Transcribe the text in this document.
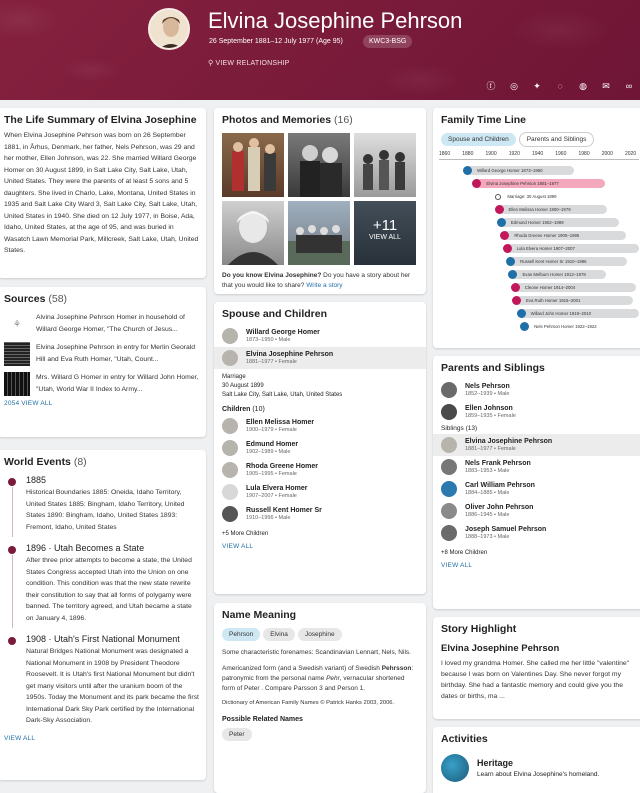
Elvina Josephine Pehrson
26 September 1881–12 July 1977 (Age 95)	KWC3-BSG
⚲ VIEW RELATIONSHIP
ⓕ	◎	✦	◌	◍	✉	∞
The Life Summary of Elvina Josephine

When Elvina Josephine Pehrson was born on 26 September 1881, in Århus, Denmark, her father, Nels Pehrson, was 29 and her mother, Ellen Johnson, was 22. She married Willard George Homer on 30 August 1899, in Salt Lake City, Salt Lake, Utah, United States. They were the parents of at least 5 sons and 5 daughters. She lived in Charlo, Lake, Montana, United States in 1935 and Salt Lake City Ward 3, Salt Lake City, Salt Lake, Utah, United States in 1940. She died on 12 July 1977, in Boise, Ada, Idaho, United States, at the age of 95, and was buried in Wasatch Lawn Memorial Park, Millcreek, Salt Lake, Utah, United States.

Sources (58)
⚘
Alvina Josephine Pehrson Homer in household of Willard George Homer, "The Church of Jesus...
Elvina Josephine Pehrson in entry for Merlin Georald Hill and Eva Ruth Homer, "Utah, Count...
Mrs. Willard G Homer in entry for Willard John Homer, "Utah, World War II Index to Army...
2054 VIEW ALL
World Events (8)
1885

Historical Boundaries 1885: Oneida, Idaho Territory, United States 1885: Bingham, Idaho Territory, United States 1890: Bingham, Idaho, United States 1893: Fremont, Idaho, United States

1896 · Utah Becomes a State

After three prior attempts to become a state, the United States Congress accepted Utah into the Union on one condition. This condition was that the new state rewrite their constitution to say that all forms of polygamy were banned. The territory agreed, and Utah became a state on January 4, 1896.

1908 · Utah's First National Monument

Natural Bridges National Monument was designated a National Monument in 1908 by President Theodore Roosevelt. It is Utah's first National Monument but didn't get many visitors until after the uranium boom of the 1950s. Today the Monument and its park became the first International Dark Sky Park certified by the International Dark-Sky Association.

VIEW ALL
Photos and Memories (16)
+11
VIEW ALL

Do you know Elvina Josephine? Do you have a story about her that you would like to share? Write a story

Spouse and Children
Willard George Homer
1873–1950 • Male
Elvina Josephine Pehrson
1881–1977 • Female
Marriage
30 August 1899
Salt Lake City, Salt Lake, Utah, United States
Children (10)
Ellen Melissa Homer
1900–1979 • Female
Edmund Homer
1902–1989 • Male
Rhoda Greene Homer
1905–1995 • Female
Lula Elvera Homer
1907–2007 • Female
Russell Kent Homer Sr
1910–1996 • Male
+5 More Children
VIEW ALL
Name Meaning
Pehrson	Elvina	Josephine

Some characteristic forenames: Scandinavian Lennart, Nels, Nils.

Americanized form (and a Swedish variant) of Swedish Pehrsson: patronymic from the personal name Pehr, vernacular shortened form of Peter . Compare Parsson 3 and Person 1.

Dictionary of American Family Names © Patrick Hanks 2003, 2006.

Possible Related Names

Peter
Family Time Line
Spouse and Children	Parents and Siblings
1860 1880 1900 1920 1940 1960 1980 2000 2020
Willard George Homer 1873–1950
Elvina Josephine Pehrson 1881–1977
Marriage: 30 August 1899
Ellen Melissa Homer 1900–1979
Edmund Homer 1902–1989
Rhoda Greene Homer 1905–1995
Lula Elvera Homer 1907–2007
Russell Kent Homer Sr 1910–1996
Evan Melburn Homer 1912–1978
Cleone Homer 1914–2004
Eva Ruth Homer 1915–2001
Willard John Homer 1919–2010
Nels Pehrson Homer 1922–1922
Parents and Siblings
Nels Pehrson
1852–1939 • Male
Ellen Johnson
1859–1935 • Female
Siblings (13)
Elvina Josephine Pehrson
1881–1977 • Female
Nels Frank Pehrson
1883–1953 • Male
Carl William Pehrson
1884–1885 • Male
Oliver John Pehrson
1886–1945 • Male
Joseph Samuel Pehrson
1888–1973 • Male
+8 More Children
VIEW ALL
Story Highlight
Elvina Josephine Pehrson

I loved my grandma Homer. She called me her little "valentine" because I was born on Valentines Day. She never forgot my birthday. She had a fantastic memory and could give you the dates or births, ma ...

Activities
Heritage
Learn about Elvina Josephine's homeland.
